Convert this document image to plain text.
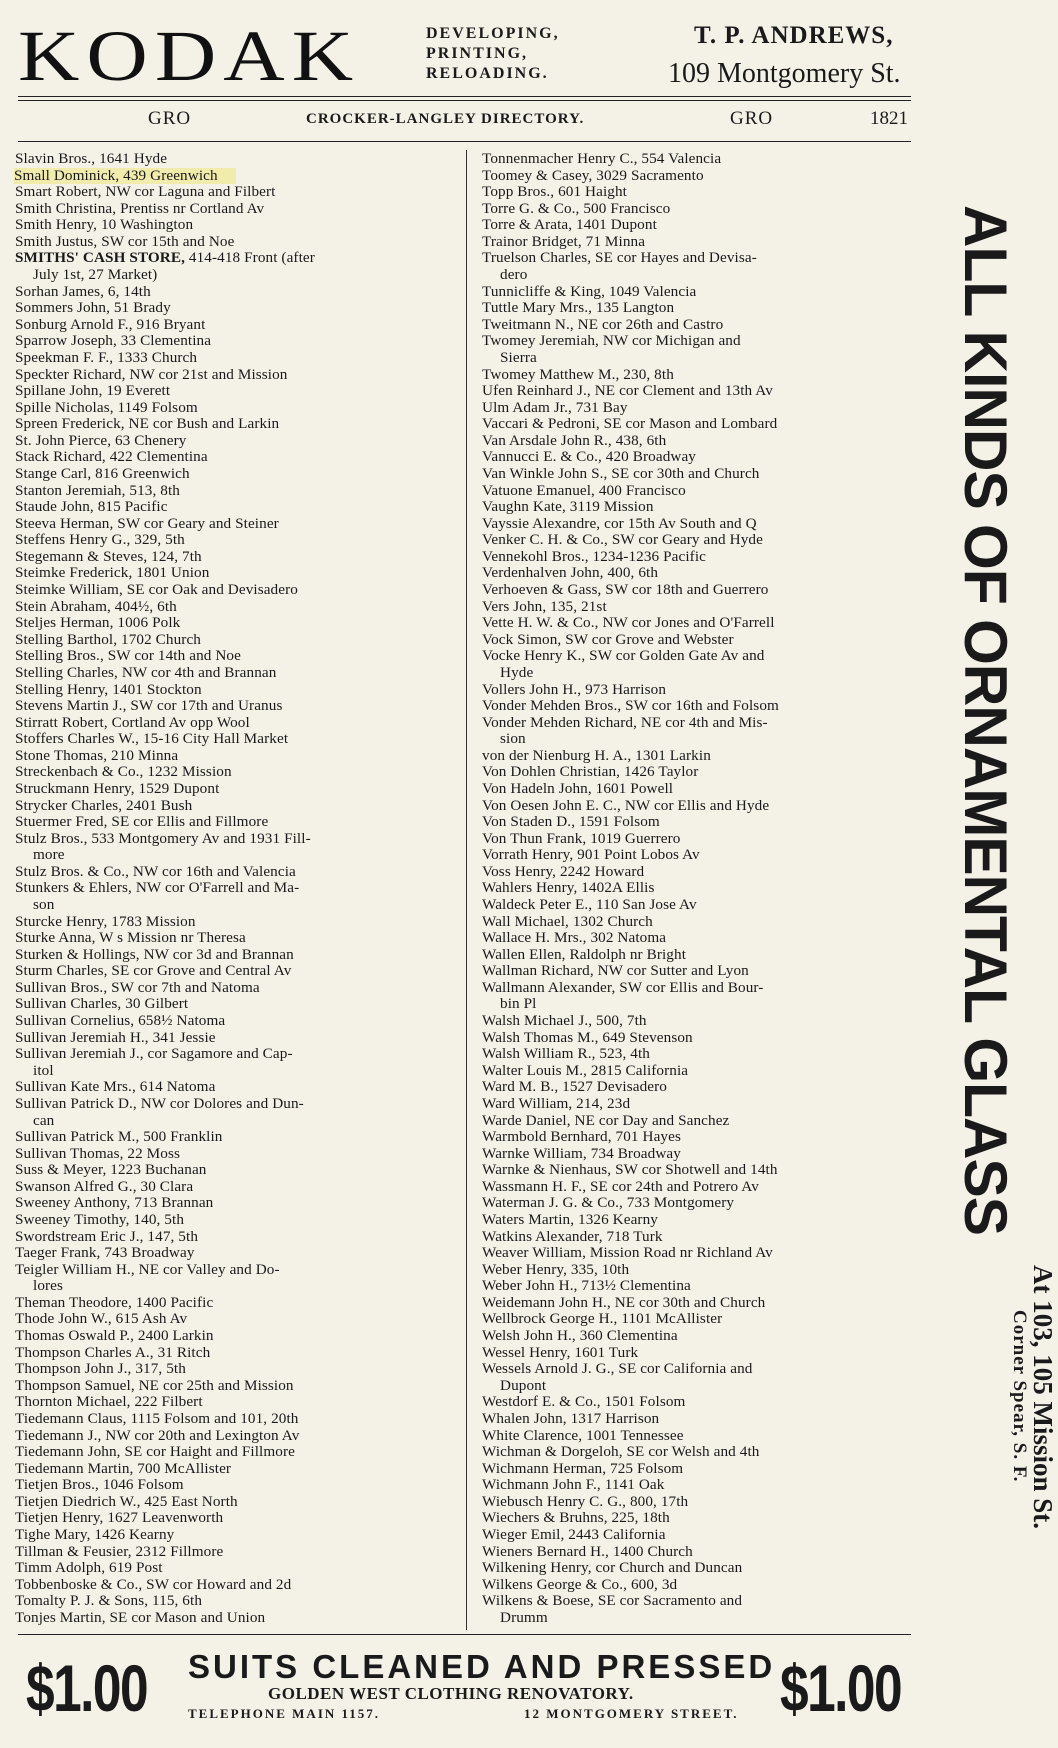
KODAK	DEVELOPING,
PRINTING,
RELOADING.
T. P. ANDREWS,
109 Montgomery St.
GRO	CROCKER-LANGLEY DIRECTORY.	GRO	1821
Slavin Bros., 1641 Hyde
Small Dominick, 439 Greenwich
Smart Robert, NW cor Laguna and Filbert
Smith Christina, Prentiss nr Cortland Av
Smith Henry, 10 Washington
Smith Justus, SW cor 15th and Noe
SMITHS' CASH STORE, 414-418 Front (after
July 1st, 27 Market)
Sorhan James, 6, 14th
Sommers John, 51 Brady
Sonburg Arnold F., 916 Bryant
Sparrow Joseph, 33 Clementina
Speekman F. F., 1333 Church
Speckter Richard, NW cor 21st and Mission
Spillane John, 19 Everett
Spille Nicholas, 1149 Folsom
Spreen Frederick, NE cor Bush and Larkin
St. John Pierce, 63 Chenery
Stack Richard, 422 Clementina
Stange Carl, 816 Greenwich
Stanton Jeremiah, 513, 8th
Staude John, 815 Pacific
Steeva Herman, SW cor Geary and Steiner
Steffens Henry G., 329, 5th
Stegemann & Steves, 124, 7th
Steimke Frederick, 1801 Union
Steimke William, SE cor Oak and Devisadero
Stein Abraham, 404½, 6th
Steljes Herman, 1006 Polk
Stelling Barthol, 1702 Church
Stelling Bros., SW cor 14th and Noe
Stelling Charles, NW cor 4th and Brannan
Stelling Henry, 1401 Stockton
Stevens Martin J., SW cor 17th and Uranus
Stirratt Robert, Cortland Av opp Wool
Stoffers Charles W., 15-16 City Hall Market
Stone Thomas, 210 Minna
Streckenbach & Co., 1232 Mission
Struckmann Henry, 1529 Dupont
Strycker Charles, 2401 Bush
Stuermer Fred, SE cor Ellis and Fillmore
Stulz Bros., 533 Montgomery Av and 1931 Fill-
more
Stulz Bros. & Co., NW cor 16th and Valencia
Stunkers & Ehlers, NW cor O'Farrell and Ma-
son
Sturcke Henry, 1783 Mission
Sturke Anna, W s Mission nr Theresa
Sturken & Hollings, NW cor 3d and Brannan
Sturm Charles, SE cor Grove and Central Av
Sullivan Bros., SW cor 7th and Natoma
Sullivan Charles, 30 Gilbert
Sullivan Cornelius, 658½ Natoma
Sullivan Jeremiah H., 341 Jessie
Sullivan Jeremiah J., cor Sagamore and Cap-
itol
Sullivan Kate Mrs., 614 Natoma
Sullivan Patrick D., NW cor Dolores and Dun-
can
Sullivan Patrick M., 500 Franklin
Sullivan Thomas, 22 Moss
Suss & Meyer, 1223 Buchanan
Swanson Alfred G., 30 Clara
Sweeney Anthony, 713 Brannan
Sweeney Timothy, 140, 5th
Swordstream Eric J., 147, 5th
Taeger Frank, 743 Broadway
Teigler William H., NE cor Valley and Do-
lores
Theman Theodore, 1400 Pacific
Thode John W., 615 Ash Av
Thomas Oswald P., 2400 Larkin
Thompson Charles A., 31 Ritch
Thompson John J., 317, 5th
Thompson Samuel, NE cor 25th and Mission
Thornton Michael, 222 Filbert
Tiedemann Claus, 1115 Folsom and 101, 20th
Tiedemann J., NW cor 20th and Lexington Av
Tiedemann John, SE cor Haight and Fillmore
Tiedemann Martin, 700 McAllister
Tietjen Bros., 1046 Folsom
Tietjen Diedrich W., 425 East North
Tietjen Henry, 1627 Leavenworth
Tighe Mary, 1426 Kearny
Tillman & Feusier, 2312 Fillmore
Timm Adolph, 619 Post
Tobbenboske & Co., SW cor Howard and 2d
Tomalty P. J. & Sons, 115, 6th
Tonjes Martin, SE cor Mason and Union
Tonnenmacher Henry C., 554 Valencia
Toomey & Casey, 3029 Sacramento
Topp Bros., 601 Haight
Torre G. & Co., 500 Francisco
Torre & Arata, 1401 Dupont
Trainor Bridget, 71 Minna
Truelson Charles, SE cor Hayes and Devisa-
dero
Tunnicliffe & King, 1049 Valencia
Tuttle Mary Mrs., 135 Langton
Tweitmann N., NE cor 26th and Castro
Twomey Jeremiah, NW cor Michigan and
Sierra
Twomey Matthew M., 230, 8th
Ufen Reinhard J., NE cor Clement and 13th Av
Ulm Adam Jr., 731 Bay
Vaccari & Pedroni, SE cor Mason and Lombard
Van Arsdale John R., 438, 6th
Vannucci E. & Co., 420 Broadway
Van Winkle John S., SE cor 30th and Church
Vatuone Emanuel, 400 Francisco
Vaughn Kate, 3119 Mission
Vayssie Alexandre, cor 15th Av South and Q
Venker C. H. & Co., SW cor Geary and Hyde
Vennekohl Bros., 1234-1236 Pacific
Verdenhalven John, 400, 6th
Verhoeven & Gass, SW cor 18th and Guerrero
Vers John, 135, 21st
Vette H. W. & Co., NW cor Jones and O'Farrell
Vock Simon, SW cor Grove and Webster
Vocke Henry K., SW cor Golden Gate Av and
Hyde
Vollers John H., 973 Harrison
Vonder Mehden Bros., SW cor 16th and Folsom
Vonder Mehden Richard, NE cor 4th and Mis-
sion
von der Nienburg H. A., 1301 Larkin
Von Dohlen Christian, 1426 Taylor
Von Hadeln John, 1601 Powell
Von Oesen John E. C., NW cor Ellis and Hyde
Von Staden D., 1591 Folsom
Von Thun Frank, 1019 Guerrero
Vorrath Henry, 901 Point Lobos Av
Voss Henry, 2242 Howard
Wahlers Henry, 1402A Ellis
Waldeck Peter E., 110 San Jose Av
Wall Michael, 1302 Church
Wallace H. Mrs., 302 Natoma
Wallen Ellen, Raldolph nr Bright
Wallman Richard, NW cor Sutter and Lyon
Wallmann Alexander, SW cor Ellis and Bour-
bin Pl
Walsh Michael J., 500, 7th
Walsh Thomas M., 649 Stevenson
Walsh William R., 523, 4th
Walter Louis M., 2815 California
Ward M. B., 1527 Devisadero
Ward William, 214, 23d
Warde Daniel, NE cor Day and Sanchez
Warmbold Bernhard, 701 Hayes
Warnke William, 734 Broadway
Warnke & Nienhaus, SW cor Shotwell and 14th
Wassmann H. F., SE cor 24th and Potrero Av
Waterman J. G. & Co., 733 Montgomery
Waters Martin, 1326 Kearny
Watkins Alexander, 718 Turk
Weaver William, Mission Road nr Richland Av
Weber Henry, 335, 10th
Weber John H., 713½ Clementina
Weidemann John H., NE cor 30th and Church
Wellbrock George H., 1101 McAllister
Welsh John H., 360 Clementina
Wessel Henry, 1601 Turk
Wessels Arnold J. G., SE cor California and
Dupont
Westdorf E. & Co., 1501 Folsom
Whalen John, 1317 Harrison
White Clarence, 1001 Tennessee
Wichman & Dorgeloh, SE cor Welsh and 4th
Wichmann Herman, 725 Folsom
Wichmann John F., 1141 Oak
Wiebusch Henry C. G., 800, 17th
Wiechers & Bruhns, 225, 18th
Wieger Emil, 2443 California
Wieners Bernard H., 1400 Church
Wilkening Henry, cor Church and Duncan
Wilkens George & Co., 600, 3d
Wilkens & Boese, SE cor Sacramento and
Drumm
ALL KINDS OF ORNAMENTAL GLASS
At 103, 105 Mission St.
Corner Spear, S. F.
$1.00 SUITS CLEANED AND PRESSED
GOLDEN WEST CLOTHING RENOVATORY.
TELEPHONE MAIN 1157.	12 MONTGOMERY STREET. $1.00
